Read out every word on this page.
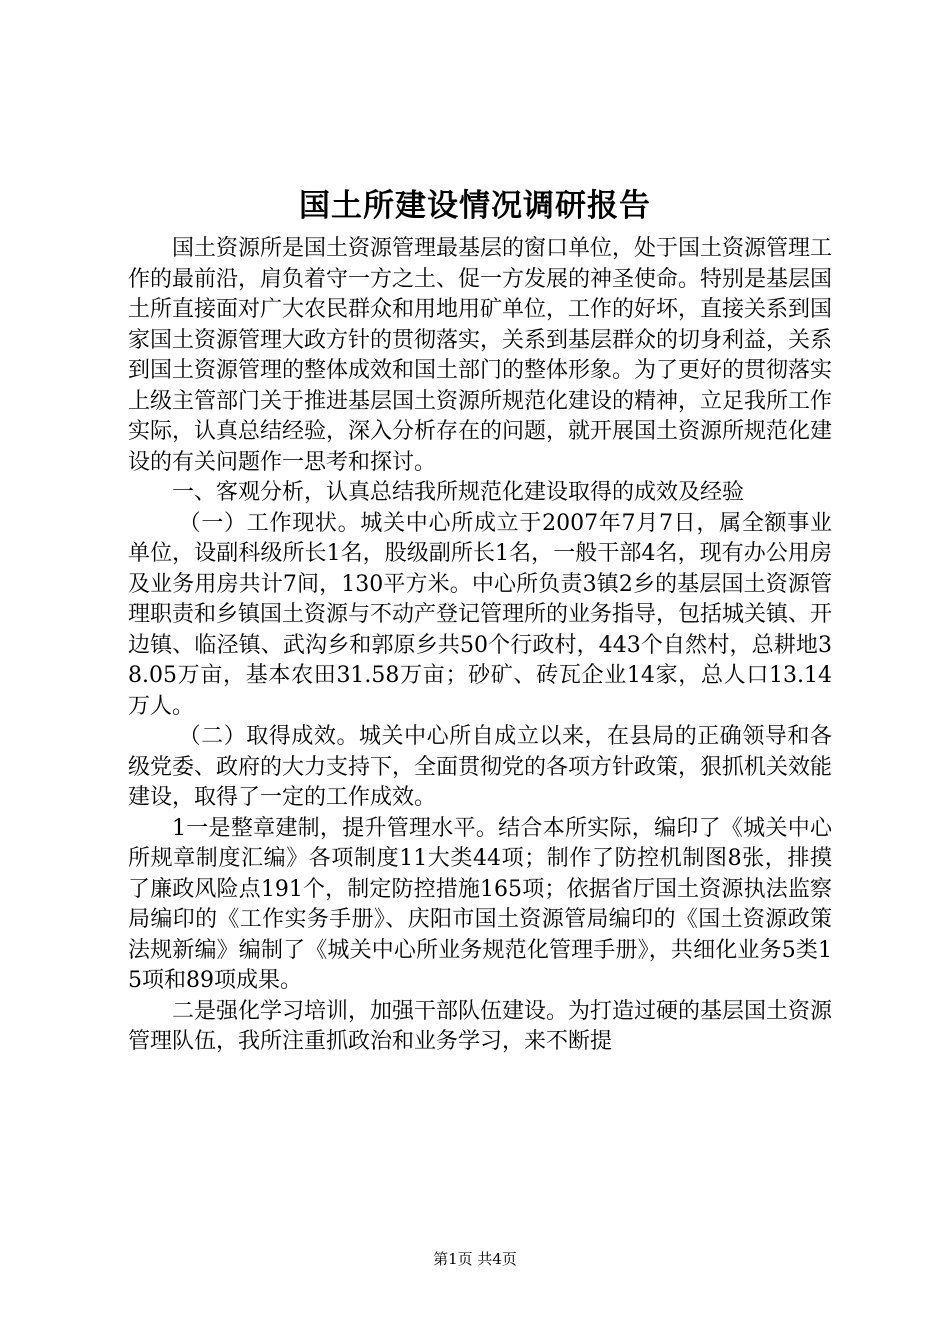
国土所建设情况调研报告

国土资源所是国土资源管理最基层的窗口单位，处于国土资源管理工作的最前沿，肩负着守一方之土、促一方发展的神圣使命。特别是基层国土所直接面对广大农民群众和用地用矿单位，工作的好坏，直接关系到国家国土资源管理大政方针的贯彻落实，关系到基层群众的切身利益，关系到国土资源管理的整体成效和国土部门的整体形象。为了更好的贯彻落实上级主管部门关于推进基层国土资源所规范化建设的精神，立足我所工作实际，认真总结经验，深入分析存在的问题，就开展国土资源所规范化建设的有关问题作一思考和探讨。

一、客观分析，认真总结我所规范化建设取得的成效及经验

（一）工作现状。城关中心所成立于2007年7月7日，属全额事业单位，设副科级所长1名，股级副所长1名，一般干部4名，现有办公用房及业务用房共计7间，130平方米。中心所负责3镇2乡的基层国土资源管理职责和乡镇国土资源与不动产登记管理所的业务指导，包括城关镇、开边镇、临泾镇、武沟乡和郭原乡共50个行政村，443个自然村，总耕地38.05万亩，基本农田31.58万亩；砂矿、砖瓦企业14家，总人口13.14万人。

（二）取得成效。城关中心所自成立以来，在县局的正确领导和各级党委、政府的大力支持下，全面贯彻党的各项方针政策，狠抓机关效能建设，取得了一定的工作成效。

1一是整章建制，提升管理水平。结合本所实际，编印了《城关中心所规章制度汇编》各项制度11大类44项；制作了防控机制图8张，排摸了廉政风险点191个，制定防控措施165项；依据省厅国土资源执法监察局编印的《工作实务手册》、庆阳市国土资源管局编印的《国土资源政策法规新编》编制了《城关中心所业务规范化管理手册》，共细化业务5类15项和89项成果。

二是强化学习培训，加强干部队伍建设。为打造过硬的基层国土资源管理队伍，我所注重抓政治和业务学习，来不断提

第1页 共4页
